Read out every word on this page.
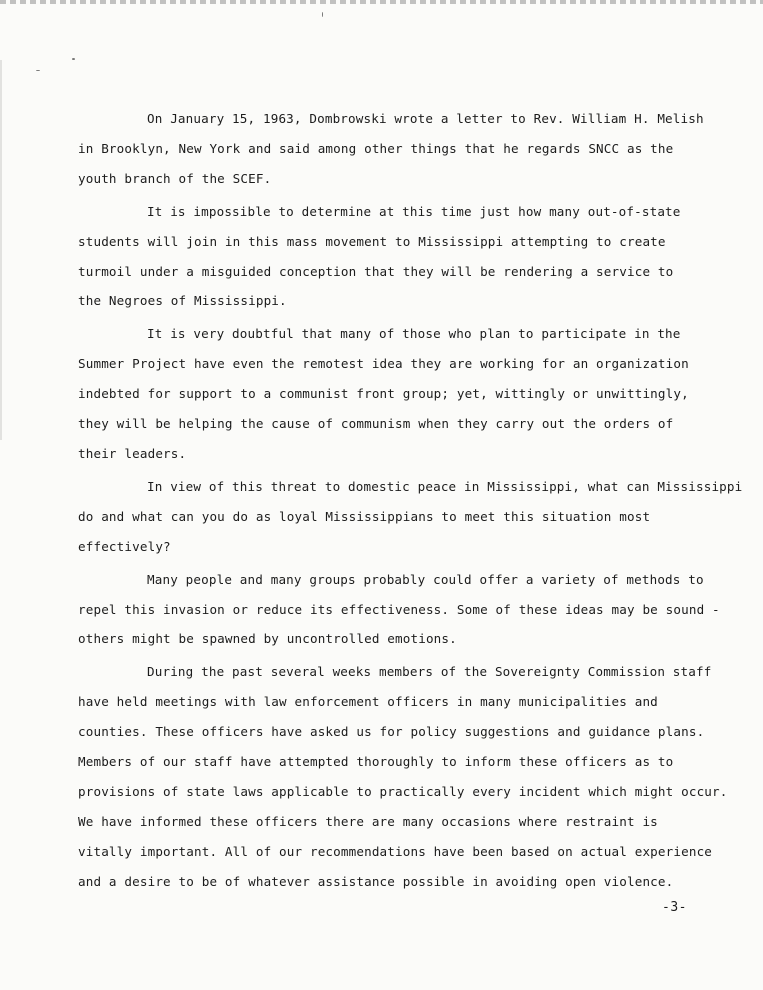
On January 15, 1963, Dombrowski wrote a letter to Rev. William H. Melish
in Brooklyn, New York and said among other things that he regards SNCC as the
youth branch of the SCEF.

It is impossible to determine at this time just how many out-of-state
students will join in this mass movement to Mississippi attempting to create
turmoil under a misguided conception that they will be rendering a service to
the Negroes of Mississippi.

It is very doubtful that many of those who plan to participate in the
Summer Project have even the remotest idea they are working for an organization
indebted for support to a communist front group; yet, wittingly or unwittingly,
they will be helping the cause of communism when they carry out the orders of
their leaders.

In view of this threat to domestic peace in Mississippi, what can Mississippi
do and what can you do as loyal Mississippians to meet this situation most
effectively?

Many people and many groups probably could offer a variety of methods to
repel this invasion or reduce its effectiveness. Some of these ideas may be sound -
others might be spawned by uncontrolled emotions.

During the past several weeks members of the Sovereignty Commission staff
have held meetings with law enforcement officers in many municipalities and
counties. These officers have asked us for policy suggestions and guidance plans.
Members of our staff have attempted thoroughly to inform these officers as to
provisions of state laws applicable to practically every incident which might occur.
We have informed these officers there are many occasions where restraint is
vitally important. All of our recommendations have been based on actual experience
and a desire to be of whatever assistance possible in avoiding open violence.

-3-
